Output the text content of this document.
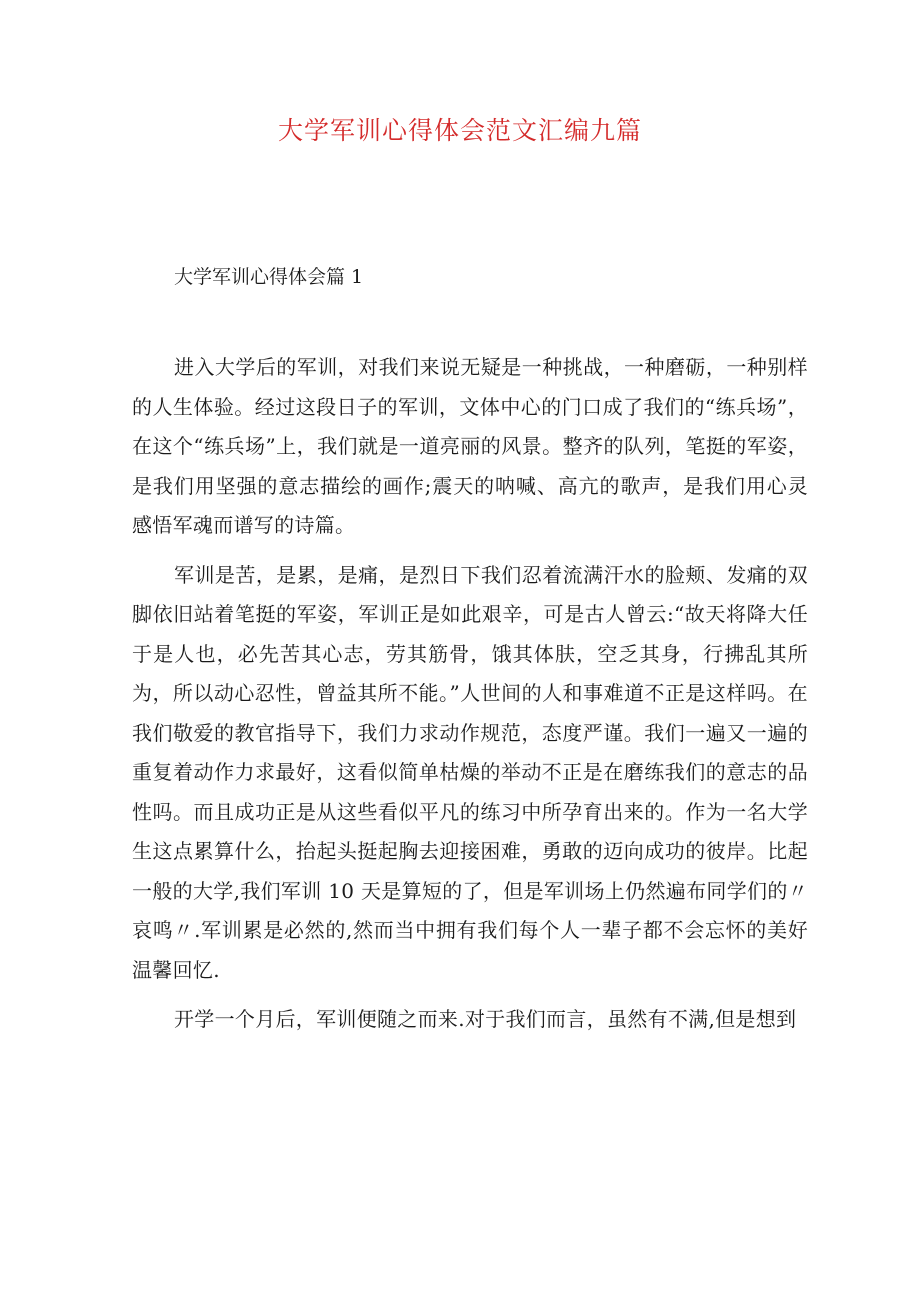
大学军训心得体会范文汇编九篇
大学军训心得体会篇 1

进入大学后的军训，对我们来说无疑是一种挑战，一种磨砺，一种别样的人生体验。经过这段日子的军训，文体中心的门口成了我们的“练兵场”，在这个“练兵场”上，我们就是一道亮丽的风景。整齐的队列，笔挺的军姿，是我们用坚强的意志描绘的画作;震天的呐喊、高亢的歌声，是我们用心灵感悟军魂而谱写的诗篇。

军训是苦，是累，是痛，是烈日下我们忍着流满汗水的脸颊、发痛的双脚依旧站着笔挺的军姿，军训正是如此艰辛，可是古人曾云:“故天将降大任于是人也，必先苦其心志，劳其筋骨，饿其体肤，空乏其身，行拂乱其所为，所以动心忍性，曾益其所不能。”人世间的人和事难道不正是这样吗。在我们敬爱的教官指导下，我们力求动作规范，态度严谨。我们一遍又一遍的重复着动作力求最好，这看似简单枯燥的举动不正是在磨练我们的意志的品性吗。而且成功正是从这些看似平凡的练习中所孕育出来的。作为一名大学生这点累算什么，抬起头挺起胸去迎接困难，勇敢的迈向成功的彼岸。比起一般的大学,我们军训 10 天是算短的了，但是军训场上仍然遍布同学们的〃哀鸣〃.军训累是必然的,然而当中拥有我们每个人一辈子都不会忘怀的美好温馨回忆.

开学一个月后，军训便随之而来.对于我们而言，虽然有不满,但是想到
